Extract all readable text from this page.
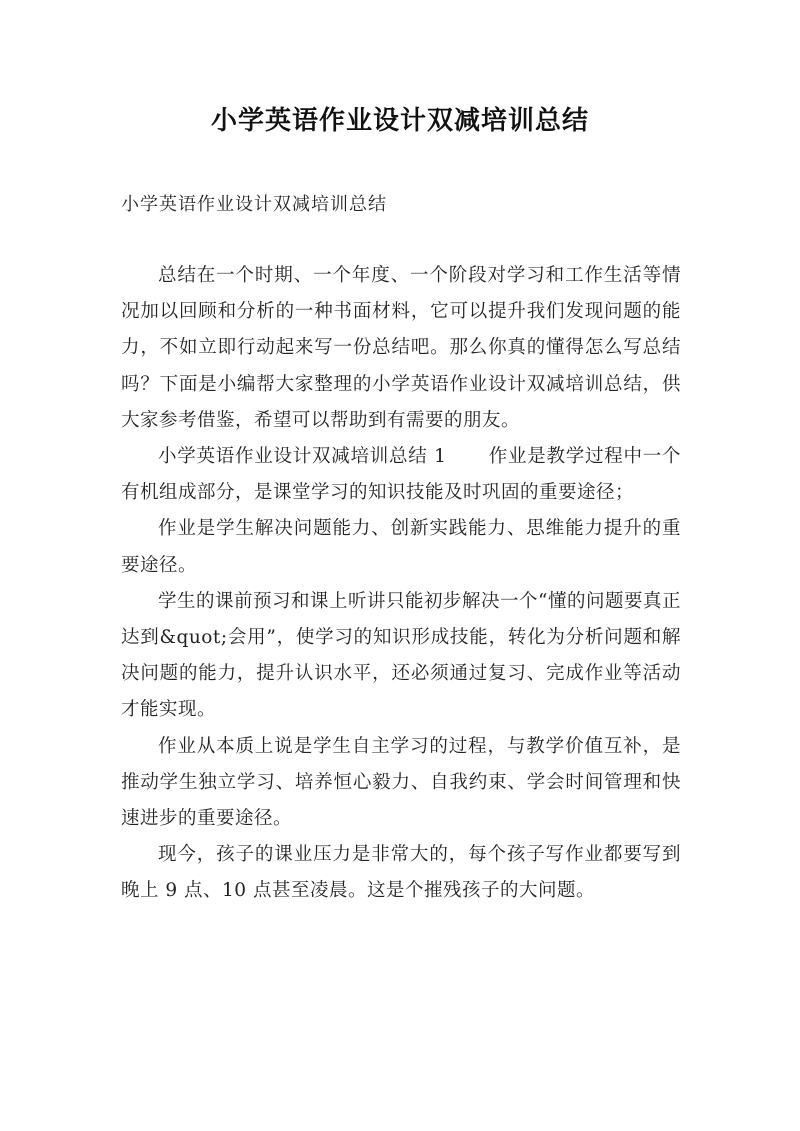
小学英语作业设计双减培训总结

小学英语作业设计双减培训总结

总结在一个时期、一个年度、一个阶段对学习和工作生活等情况加以回顾和分析的一种书面材料，它可以提升我们发现问题的能力，不如立即行动起来写一份总结吧。那么你真的懂得怎么写总结吗？下面是小编帮大家整理的小学英语作业设计双减培训总结，供大家参考借鉴，希望可以帮助到有需要的朋友。

小学英语作业设计双减培训总结 1 作业是教学过程中一个有机组成部分，是课堂学习的知识技能及时巩固的重要途径；

作业是学生解决问题能力、创新实践能力、思维能力提升的重要途径。

学生的课前预习和课上听讲只能初步解决一个“懂的问题要真正达到&quot;会用”，使学习的知识形成技能，转化为分析问题和解决问题的能力，提升认识水平，还必须通过复习、完成作业等活动才能实现。

作业从本质上说是学生自主学习的过程，与教学价值互补，是推动学生独立学习、培养恒心毅力、自我约束、学会时间管理和快速进步的重要途径。

现今，孩子的课业压力是非常大的，每个孩子写作业都要写到晚上 9 点、10 点甚至凌晨。这是个摧残孩子的大问题。
